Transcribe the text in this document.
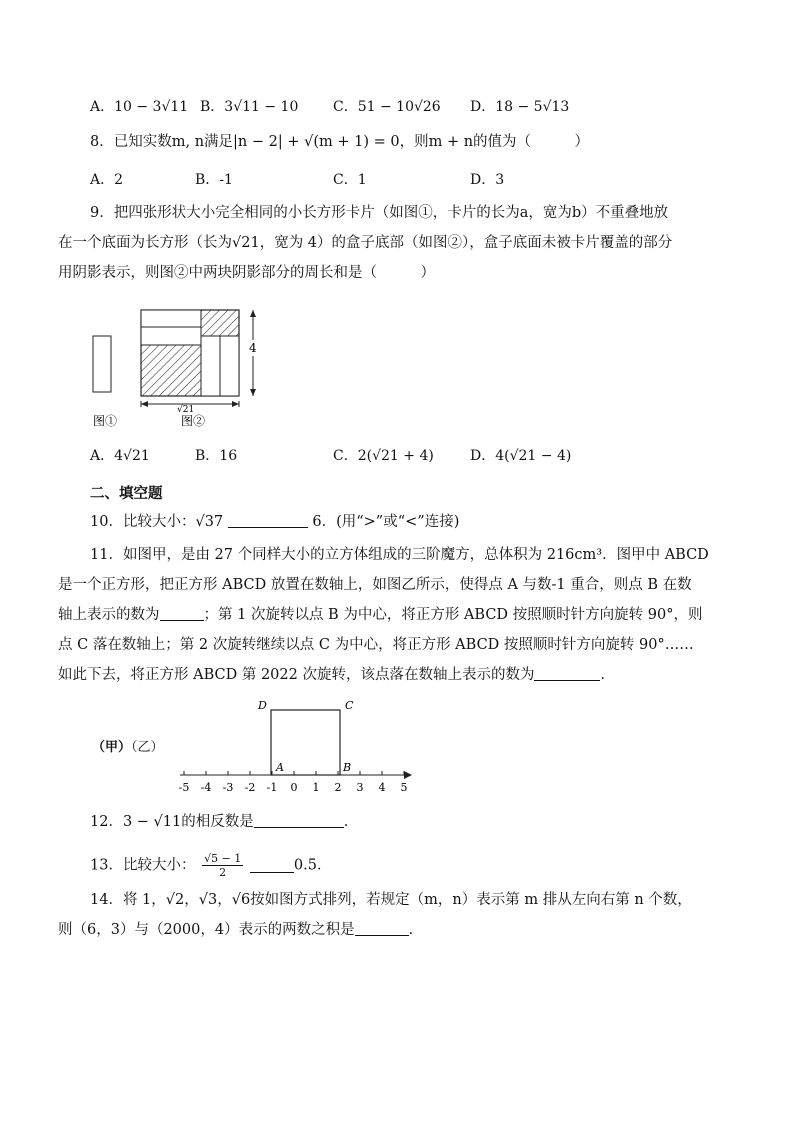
A．10 − 3√11 B．3√11 − 10 C．51 − 10√26 D．18 − 5√13
8．已知实数m, n满足|n − 2| + √(m + 1) = 0，则m + n的值为（　　　）
A．2	B．-1	C．1	D．3
9．把四张形状大小完全相同的小长方形卡片（如图①，卡片的长为a，宽为b）不重叠地放
在一个底面为长方形（长为√21，宽为 4）的盒子底部（如图②），盒子底面未被卡片覆盖的部分
用阴影表示，则图②中两块阴影部分的周长和是（　　　）
4
√21
图①	图②
A．4√21	B．16	C．2(√21 + 4)	D．4(√21 − 4)
二、填空题
10．比较大小：√37	6．(用“>”或“<”连接)
11．如图甲，是由 27 个同样大小的立方体组成的三阶魔方，总体积为 216cm³．图甲中 ABCD
是一个正方形，把正方形 ABCD 放置在数轴上，如图乙所示，使得点 A 与数-1 重合，则点 B 在数
轴上表示的数为	；第 1 次旋转以点 B 为中心，将正方形 ABCD 按照顺时针方向旋转 90°，则
点 C 落在数轴上；第 2 次旋转继续以点 C 为中心，将正方形 ABCD 按照顺时针方向旋转 90°……
如此下去，将正方形 ABCD 第 2022 次旋转，该点落在数轴上表示的数为	．
（甲）（乙）
D	C
A	B
-5 -4 -3 -2 -1 0 1 2 3 4 5
12．3 − √11的相反数是	．
13．比较大小： $\frac{√5 - 1}{2}$	0.5．
14．将 1，√2，√3，√6按如图方式排列，若规定（m，n）表示第 m 排从左向右第 n 个数，
则（6，3）与（2000，4）表示的两数之积是	．
